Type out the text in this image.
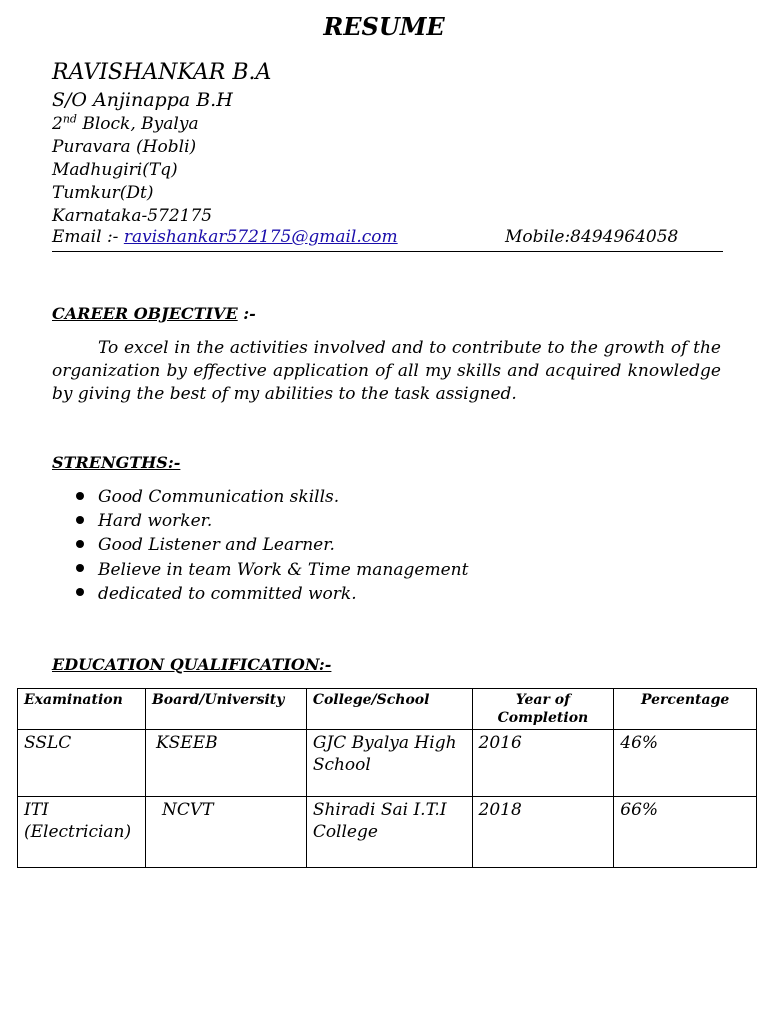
RESUME
RAVISHANKAR B.A
S/O Anjinappa B.H
2nd Block, Byalya
Puravara (Hobli)
Madhugiri(Tq)
Tumkur(Dt)
Karnataka-572175
Email :- ravishankar572175@gmail.com	Mobile:8494964058
CAREER OBJECTIVE :-
To excel in the activities involved and to contribute to the growth of the organization by effective application of all my skills and acquired knowledge by giving the best of my abilities to the task assigned.
STRENGTHS:-
Good Communication skills.
Hard worker.
Good Listener and Learner.
Believe in team Work & Time management
dedicated to committed work.
EDUCATION QUALIFICATION:-
Examination	Board/University	College/School	Year of Completion	Percentage
SSLC	KSEEB	GJC Byalya High School	2016	46%
ITI (Electrician)	NCVT	Shiradi Sai I.T.I College	2018	66%
